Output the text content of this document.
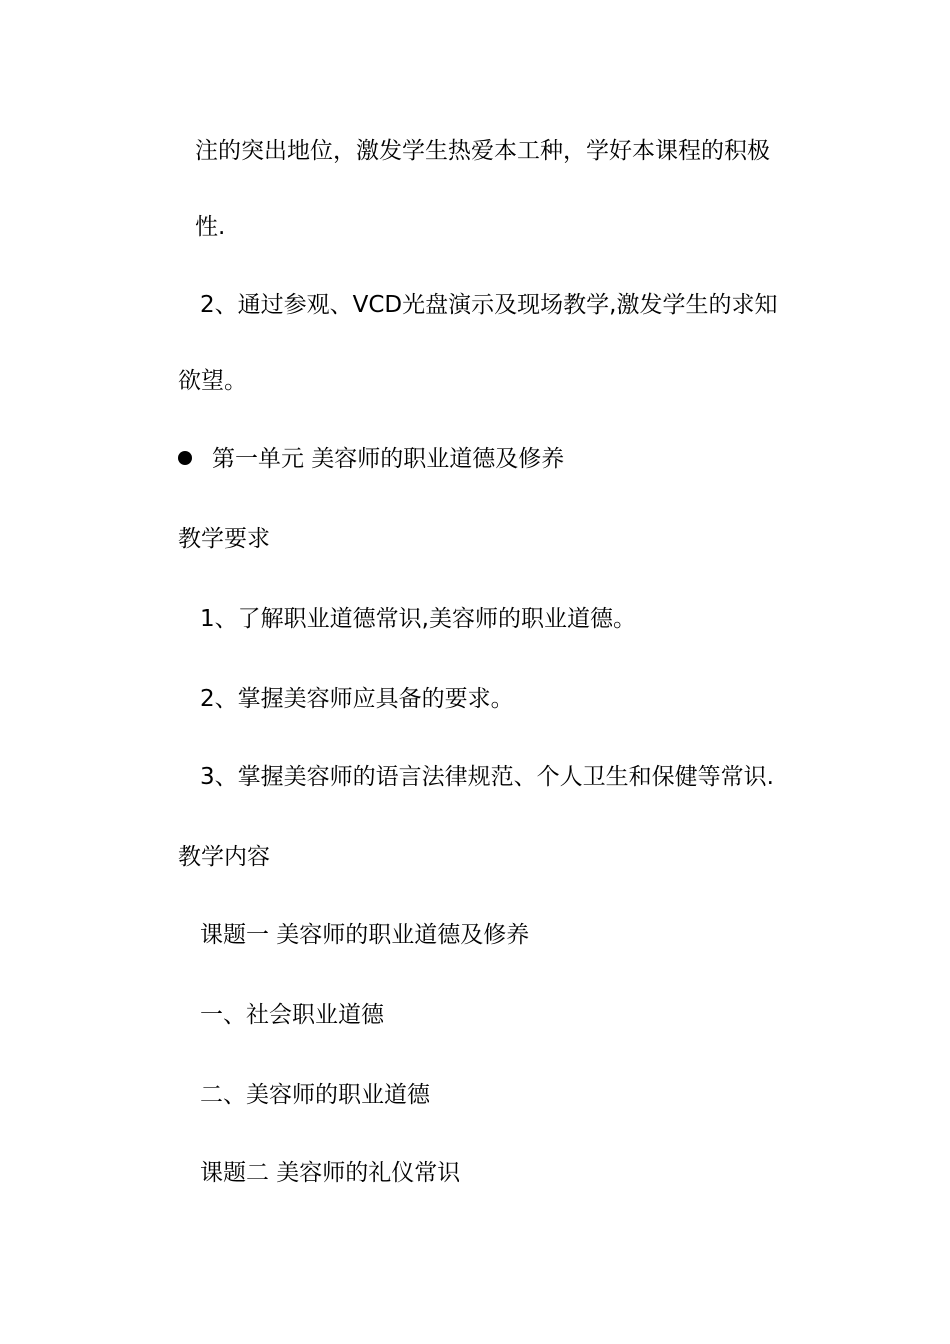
注的突出地位，激发学生热爱本工种，学好本课程的积极
性.
2、通过参观、VCD光盘演示及现场教学,激发学生的求知
欲望。
第一单元 美容师的职业道德及修养
教学要求
1、了解职业道德常识,美容师的职业道德。
2、掌握美容师应具备的要求。
3、掌握美容师的语言法律规范、个人卫生和保健等常识.
教学内容
课题一 美容师的职业道德及修养
一、社会职业道德
二、美容师的职业道德
课题二 美容师的礼仪常识
